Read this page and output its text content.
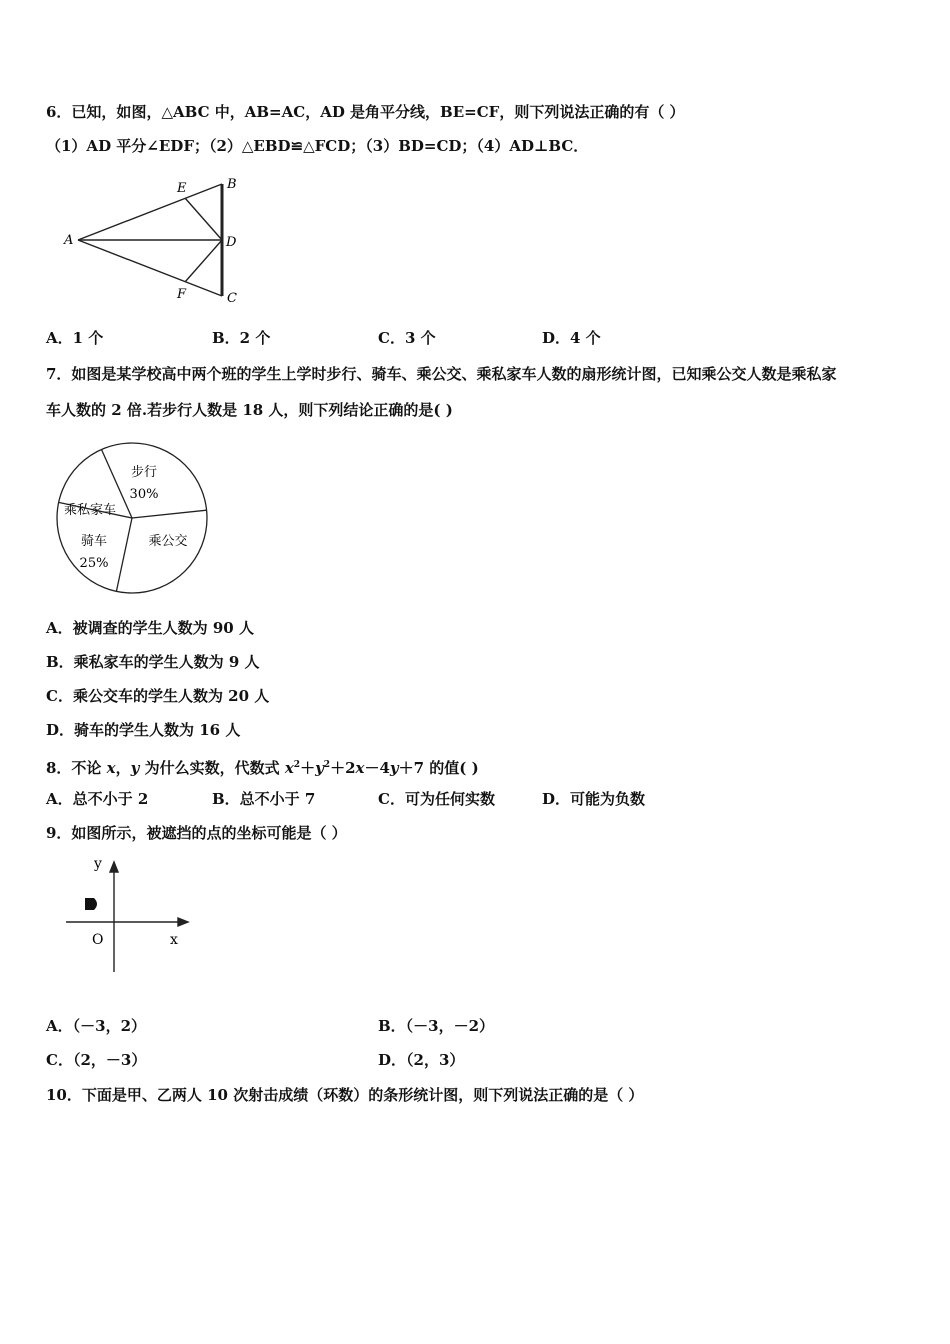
6．已知，如图，△ABC 中，AB=AC，AD 是角平分线，BE=CF，则下列说法正确的有（ ）
（1）AD 平分∠EDF；（2）△EBD≌△FCD；（3）BD=CD；（4）AD⊥BC．
A
B
C
D
E
F
A．1 个	B．2 个	C．3 个	D．4 个
7．如图是某学校高中两个班的学生上学时步行、骑车、乘公交、乘私家车人数的扇形统计图，已知乘公交人数是乘私家
车人数的 2 倍.若步行人数是 18 人，则下列结论正确的是( )
步行
30%
乘公交
骑车
25%
乘私家车
A．被调查的学生人数为 90 人
B．乘私家车的学生人数为 9 人
C．乘公交车的学生人数为 20 人
D．骑车的学生人数为 16 人
8．不论 x，y 为什么实数，代数式 $x^2+y^2+2x-4y+7$ 的值( )
A．总不小于 2	B．总不小于 7	C．可为任何实数	D．可能为负数
9．如图所示，被遮挡的点的坐标可能是（ ）
y
x
O
A．（－3，2）	B．（－3，－2）
C．（2，－3）	D．（2，3）
10．下面是甲、乙两人 10 次射击成绩（环数）的条形统计图，则下列说法正确的是（ ）
